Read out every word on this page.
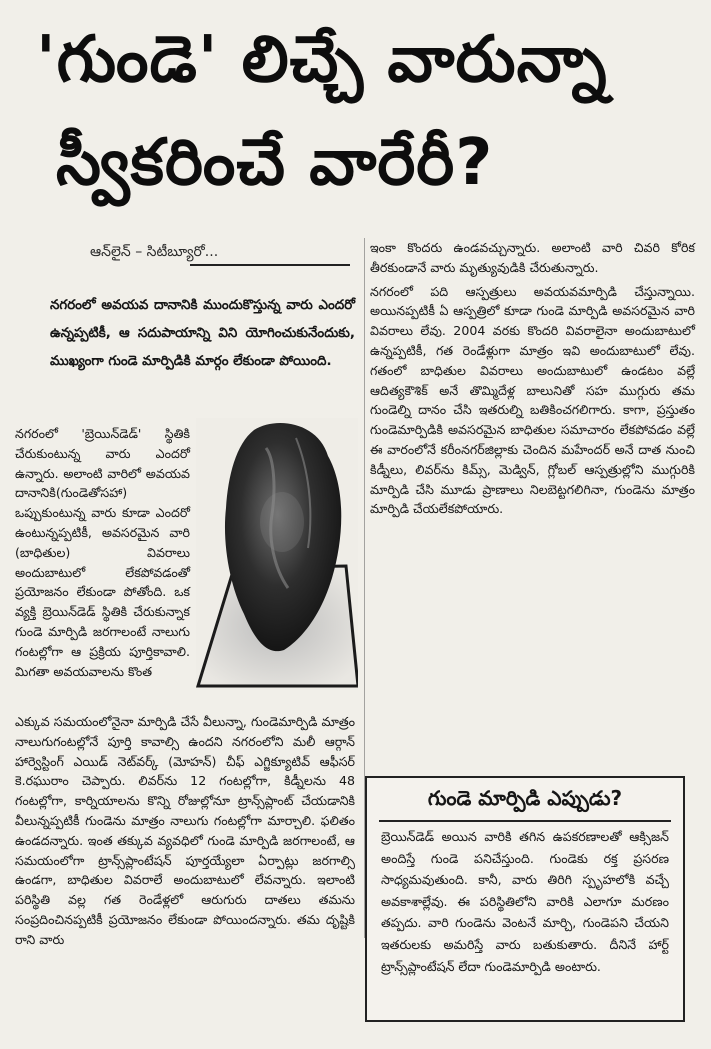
'గుండె' లిచ్చే వారున్నా
స్వీకరించే వారేరీ?
ఆన్‌లైన్ – సిటీబ్యూరో...
నగరంలో అవయవ దానానికి ముందుకొస్తున్న వారు ఎందరో ఉన్నప్పటికీ, ఆ సదుపాయాన్ని విని యోగించుకునేందుకు, ముఖ్యంగా గుండె మార్పిడికి మార్గం లేకుండా పోయింది.
నగరంలో 'బ్రెయిన్‌డెడ్' స్థితికి చేరుకుంటున్న వారు ఎందరో ఉన్నారు. అలాంటి వారిలో అవయవ దానానికి(గుండెతోసహా) ఒప్పుకుంటున్న వారు కూడా ఎందరో ఉంటున్నప్పటికీ, అవసరమైన వారి (బాధితుల) వివరాలు అందుబాటులో లేకపోవడంతో ప్రయోజనం లేకుండా పోతోంది. ఒక వ్యక్తి బ్రెయిన్‌డెడ్ స్థితికి చేరుకున్నాక గుండె మార్పిడి జరగాలంటే నాలుగు గంటల్లోగా ఆ ప్రక్రియ పూర్తికావాలి. మిగతా అవయవాలను కొంత
ఎక్కువ సమయంలోనైనా మార్పిడి చేసే వీలున్నా, గుండెమార్పిడి మాత్రం నాలుగుగంటల్లోనే పూర్తి కావాల్సి ఉందని నగరంలోని మలీ ఆర్గాన్ హార్వెస్టింగ్ ఎయిడ్ నెట్‌వర్క్ (మోహన్) చీఫ్ ఎగ్జిక్యూటివ్ ఆఫీసర్ కె.రఘురాం చెప్పారు. లివర్‌ను 12 గంటల్లోగా, కిడ్నీలను 48 గంటల్లోగా, కార్నియాలను కొన్ని రోజుల్లోనూ ట్రాన్స్‌ప్లాంట్ చేయడానికి వీలున్నప్పటికీ గుండెను మాత్రం నాలుగు గంటల్లోగా మార్చాలి. ఫలితం ఉండదన్నారు. ఇంత తక్కువ వ్యవధిలో గుండె మార్పిడి జరగాలంటే, ఆ సమయంలోగా ట్రాన్స్‌ప్లాంటేషన్ పూర్తయ్యేలా ఏర్పాట్లు జరగాల్సి ఉండగా, బాధితుల వివరాలే అందుబాటులో లేవన్నారు. ఇలాంటి పరిస్థితి వల్ల గత రెండేళ్లలో ఆరుగురు దాతలు తమను సంప్రదించినప్పటికీ ప్రయోజనం లేకుండా పోయిందన్నారు. తమ దృష్టికి రాని వారు

ఇంకా కొందరు ఉండవచ్చున్నారు. అలాంటి వారి చివరి కోరిక తీరకుండానే వారు మృత్యువుడికి చేరుతున్నారు.

నగరంలో పది ఆస్పత్రులు అవయవమార్పిడి చేస్తున్నాయి. అయినప్పటికీ ఏ ఆస్పత్రిలో కూడా గుండె మార్పిడి అవసరమైన వారి వివరాలు లేవు. 2004 వరకు కొందరి వివరాలైనా అందుబాటులో ఉన్నప్పటికీ, గత రెండేళ్లుగా మాత్రం ఇవి అందుబాటులో లేవు. గతంలో బాధితుల వివరాలు అందుబాటులో ఉండటం వల్లే ఆదిత్యకౌశిక్ అనే తొమ్మిదేళ్ల బాలునితో సహ ముగ్గురు తమ గుండెల్ని దానం చేసి ఇతరుల్ని బతికించగలిగారు. కాగా, ప్రస్తుతం గుండెమార్పిడికి అవసరమైన బాధితుల సమాచారం లేకపోవడం వల్లే ఈ వారంలోనే కరీంనగర్‌జిల్లాకు చెందిన మహేందర్ అనే దాత నుంచి కిడ్నీలు, లివర్‌ను కిమ్స్, మెడ్విన్, గ్లోబల్ ఆస్పత్రుల్లోని ముగ్గురికి మార్పిడి చేసి మూడు ప్రాణాలు నిలబెట్టగలిగినా, గుండెను మాత్రం మార్పిడి చేయలేకపోయారు.

గుండె మార్పిడి ఎప్పుడు?
బ్రెయిన్‌డెడ్ అయిన వారికి తగిన ఉపకరణాలతో ఆక్సిజన్ అందిస్తే గుండె పనిచేస్తుంది. గుండెకు రక్త ప్రసరణ సాధ్యమవుతుంది. కానీ, వారు తిరిగి స్పృహలోకి వచ్చే అవకాశాల్లేవు. ఈ పరిస్థితిలోని వారికి ఎలాగూ మరణం తప్పదు. వారి గుండెను వెంటనే మార్చి, గుండెపని చేయని ఇతరులకు అమరిస్తే వారు బతుకుతారు. దీనినే హార్ట్ ట్రాన్స్‌ప్లాంటేషన్ లేదా గుండెమార్పిడి అంటారు.
